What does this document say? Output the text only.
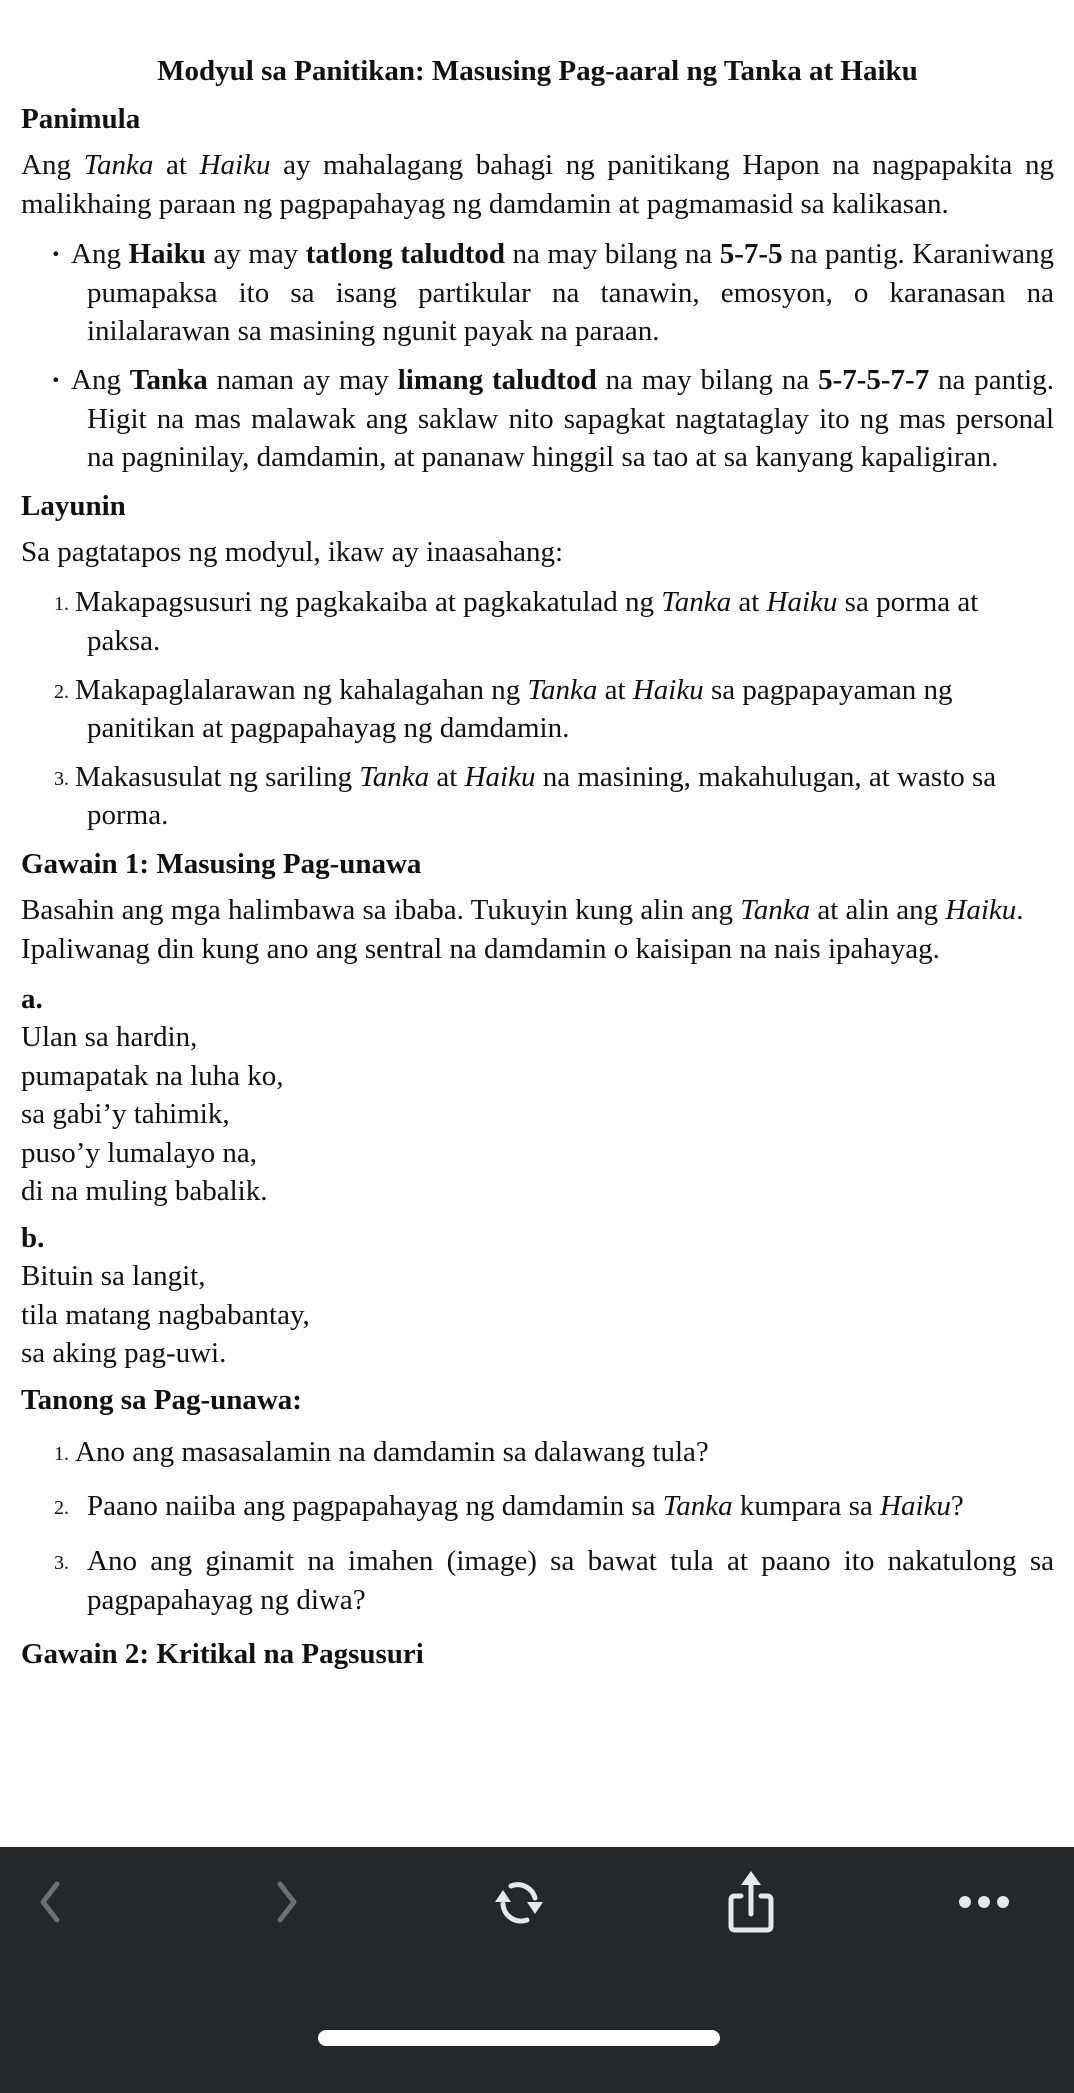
Modyul sa Panitikan: Masusing Pag-aaral ng Tanka at Haiku
Panimula

Ang Tanka at Haiku ay mahalagang bahagi ng panitikang Hapon na nagpapakita ng malikhaing paraan ng pagpapahayag ng damdamin at pagmamasid sa kalikasan.

·
Ang Haiku ay may tatlong taludtod na may bilang na 5-7-5 na pantig. Karaniwang pumapaksa ito sa isang partikular na tanawin, emosyon, o karanasan na inilalarawan sa masining ngunit payak na paraan.
·
Ang Tanka naman ay may limang taludtod na may bilang na 5-7-5-7-7 na pantig. Higit na mas malawak ang saklaw nito sapagkat nagtataglay ito ng mas personal na pagninilay, damdamin, at pananaw hinggil sa tao at sa kanyang kapaligiran.
Layunin

Sa pagtatapos ng modyul, ikaw ay inaasahang:

1. Makapagsusuri ng pagkakaiba at pagkakatulad ng Tanka at Haiku sa porma at paksa.
2. Makapaglalarawan ng kahalagahan ng Tanka at Haiku sa pagpapayaman ng panitikan at pagpapahayag ng damdamin.
3. Makasusulat ng sariling Tanka at Haiku na masining, makahulugan, at wasto sa porma.
Gawain 1: Masusing Pag-unawa

Basahin ang mga halimbawa sa ibaba. Tukuyin kung alin ang Tanka at alin ang Haiku. Ipaliwanag din kung ano ang sentral na damdamin o kaisipan na nais ipahayag.

a.
Ulan sa hardin,
pumapatak na luha ko,
sa gabi’y tahimik,
puso’y lumalayo na,
di na muling babalik.
b.
Bituin sa langit,
tila matang nagbabantay,
sa aking pag-uwi.
Tanong sa Pag-unawa:
1. Ano ang masasalamin na damdamin sa dalawang tula?
2. Paano naiiba ang pagpapahayag ng damdamin sa Tanka kumpara sa Haiku?
3. Ano ang ginamit na imahen (image) sa bawat tula at paano ito nakatulong sa pagpapahayag ng diwa?
Gawain 2: Kritikal na Pagsusuri
